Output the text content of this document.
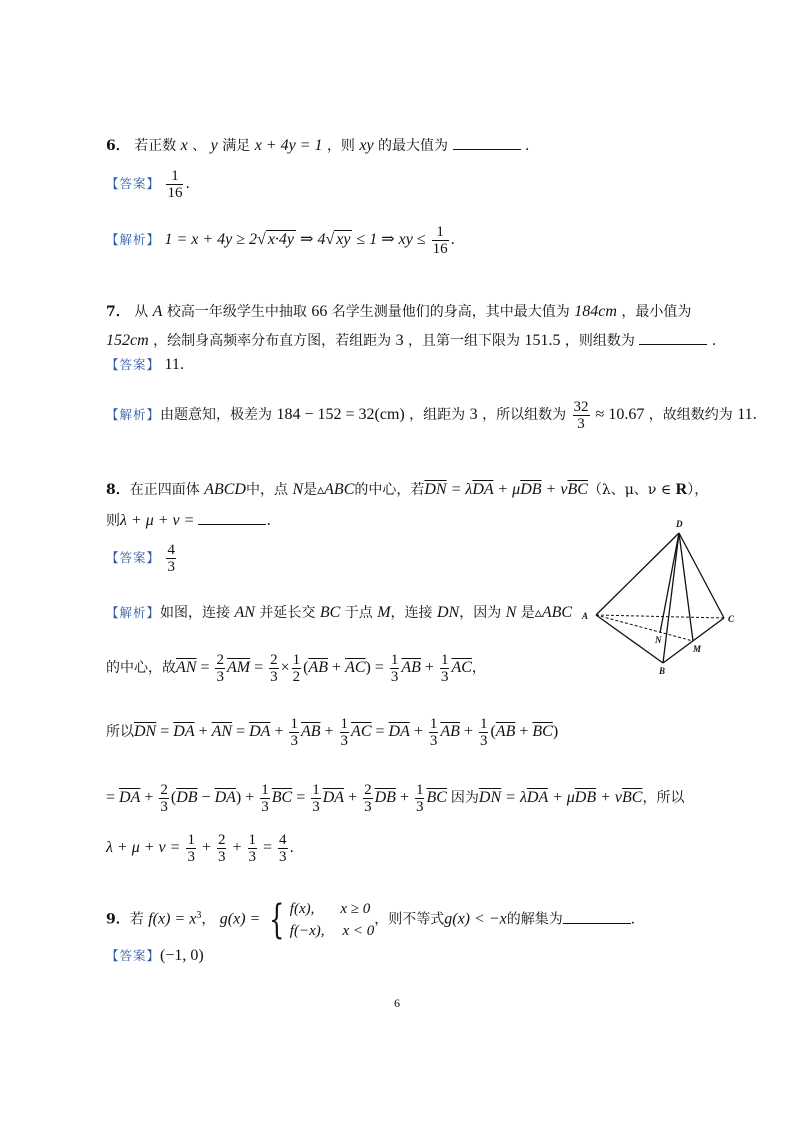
6． 若正数 x 、 y 满足 x + 4y = 1 ，则 xy 的最大值为	．
【答案】 $\frac{1}{16}$ ．
【解析】 1 = x + 4y ≥ 2√ x·4y ⇒ 4√ xy ≤ 1 ⇒ xy ≤ $\frac{1}{16}$ ．
7． 从 A 校高一年级学生中抽取 66 名学生测量他们的身高，其中最大值为 184cm ，最小值为
152cm ，绘制身高频率分布直方图，若组距为 3 ，且第一组下限为 151.5 ，则组数为	．
【答案】 11．
【解析】由题意知，极差为 184 − 152 = 32(cm) ，组距为 3 ，所以组数为 $\frac{32}{3} \approx 10.67$ ，故组数约为 11．
8．在正四面体 ABCD中，点 N是▵ABC的中心，若$\overline{DN} = \lambda\overline{DA} + \mu\overline{DB} + \nu\overline{BC}(\lambda$、μ、ν ∈ R），
则λ + μ + ν =	．
【答案】 $\frac{4}{3}$
【解析】如图，连接 AN 并延长交 BC 于点 M，连接 DN，因为 N 是▵ABC
的中心，故$\overline{AN} = \frac{2}{3} \overline{AM} = \frac{2}{3} \times \frac{1}{2} (\overline{AB} + \overline{AC}) = \frac{1}{3} \overline{AB} + \frac{1}{3} \overline{AC}$，
所以$\overline{DN} = \overline{DA} + \overline{AN} = \overline{DA} + \frac{1}{3} \overline{AB} + \frac{1}{3} \overline{AC} = \overline{DA} + \frac{1}{3} \overline{AB} + \frac{1}{3} (\overline{AB} + \overline{BC})$
= $\overline{DA} + \frac{2}{3} (\overline{DB} - \overline{DA}) + \frac{1}{3} \overline{BC} = \frac{1}{3} \overline{DA} + \frac{2}{3} \overline{DB} + \frac{1}{3} \overline{BC}$ 因为$\overline{DN} = \lambda\overline{DA} + \mu\overline{DB} + \nu\overline{BC}$，所以
$\lambda + \mu + \nu = \frac{1}{3} + \frac{2}{3} + \frac{1}{3} = \frac{4}{3}$ ．
D
A	C
N
M
B
9．若 $f(x) = x^3$， g(x) = { f(x), x ≥ 0
f(−x), x < 0
，则不等式g(x) < −x的解集为	．
【答案】(−1, 0)
6
